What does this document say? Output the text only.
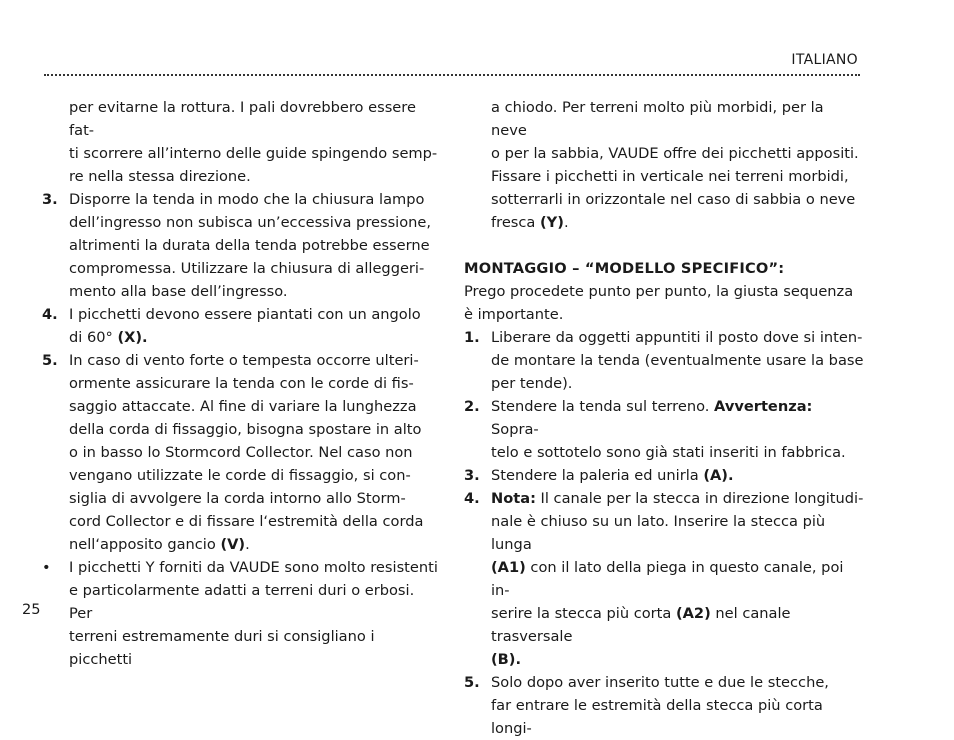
ITALIANO
per evitarne la rottura. I pali dovrebbero essere fat-
ti scorrere all’interno delle guide spingendo semp-
re nella stessa direzione.
3. Disporre la tenda in modo che la chiusura lampo
dell’ingresso non subisca un’eccessiva pressione,
altrimenti la durata della tenda potrebbe esserne
compromessa. Utilizzare la chiusura di alleggeri-
mento alla base dell’ingresso.
4. I picchetti devono essere piantati con un angolo
di 60° (X).
5. In caso di vento forte o tempesta occorre ulteri-
ormente assicurare la tenda con le corde di fis-
saggio attaccate. Al fine di variare la lunghezza
della corda di fissaggio, bisogna spostare in alto
o in basso lo Stormcord Collector. Nel caso non
vengano utilizzate le corde di fissaggio, si con-
siglia di avvolgere la corda intorno allo Storm-
cord Collector e di fissare l‘estremità della corda
nell‘apposito gancio (V).
• I picchetti Y forniti da VAUDE sono molto resistenti
e particolarmente adatti a terreni duri o erbosi. Per
terreni estremamente duri si consigliano i picchetti
a chiodo. Per terreni molto più morbidi, per la neve
o per la sabbia, VAUDE offre dei picchetti appositi.
Fissare i picchetti in verticale nei terreni morbidi,
sotterrarli in orizzontale nel caso di sabbia o neve
fresca (Y).
MONTAGGIO – “MODELLO SPECIFICO”:
Prego procedete punto per punto, la giusta sequenza
è importante.
1. Liberare da oggetti appuntiti il posto dove si inten-
de montare la tenda (eventualmente usare la base
per tende).
2. Stendere la tenda sul terreno. Avvertenza: Sopra-
telo e sottotelo sono già stati inseriti in fabbrica.
3. Stendere la paleria ed unirla (A).
4. Nota: Il canale per la stecca in direzione longitudi-
nale è chiuso su un lato. Inserire la stecca più lunga
(A1) con il lato della piega in questo canale, poi in-
serire la stecca più corta (A2) nel canale trasversale
(B).
5. Solo dopo aver inserito tutte e due le stecche,
far entrare le estremità della stecca più corta longi-
25
